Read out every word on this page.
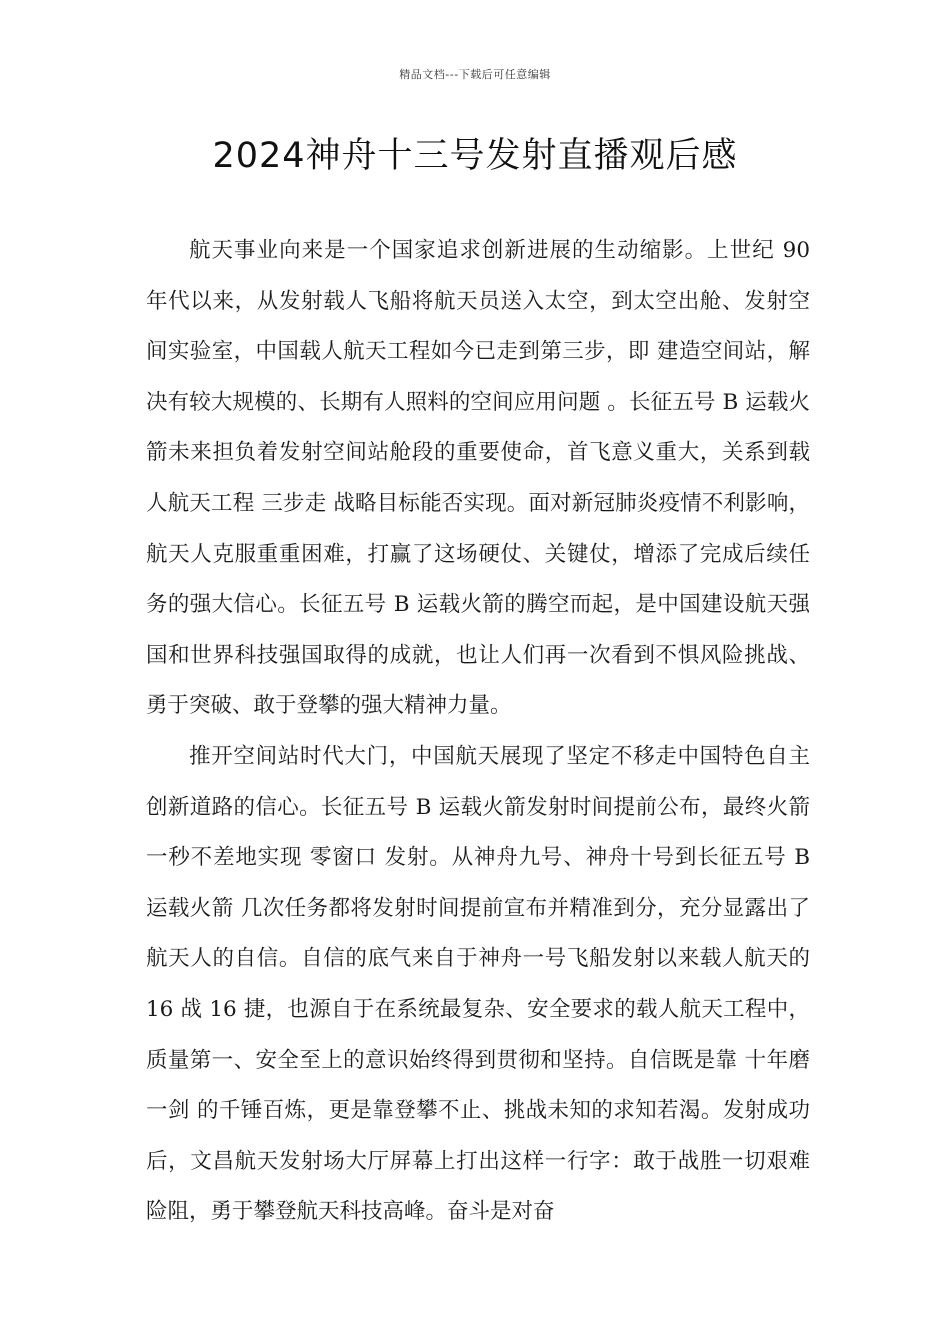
精品文档---下载后可任意编辑
2024神舟十三号发射直播观后感

航天事业向来是一个国家追求创新进展的生动缩影。上世纪 90 年代以来，从发射载人飞船将航天员送入太空，到太空出舱、发射空间实验室，中国载人航天工程如今已走到第三步，即 建造空间站，解决有较大规模的、长期有人照料的空间应用问题 。长征五号 B 运载火箭未来担负着发射空间站舱段的重要使命，首飞意义重大，关系到载人航天工程 三步走 战略目标能否实现。面对新冠肺炎疫情不利影响，航天人克服重重困难，打赢了这场硬仗、关键仗，增添了完成后续任务的强大信心。长征五号 B 运载火箭的腾空而起，是中国建设航天强国和世界科技强国取得的成就，也让人们再一次看到不惧风险挑战、勇于突破、敢于登攀的强大精神力量。

推开空间站时代大门，中国航天展现了坚定不移走中国特色自主创新道路的信心。长征五号 B 运载火箭发射时间提前公布，最终火箭一秒不差地实现 零窗口 发射。从神舟九号、神舟十号到长征五号 B 运载火箭 几次任务都将发射时间提前宣布并精准到分，充分显露出了航天人的自信。自信的底气来自于神舟一号飞船发射以来载人航天的 16 战 16 捷，也源自于在系统最复杂、安全要求的载人航天工程中，质量第一、安全至上的意识始终得到贯彻和坚持。自信既是靠 十年磨一剑 的千锤百炼，更是靠登攀不止、挑战未知的求知若渴。发射成功后，文昌航天发射场大厅屏幕上打出这样一行字：敢于战胜一切艰难险阻，勇于攀登航天科技高峰。奋斗是对奋
